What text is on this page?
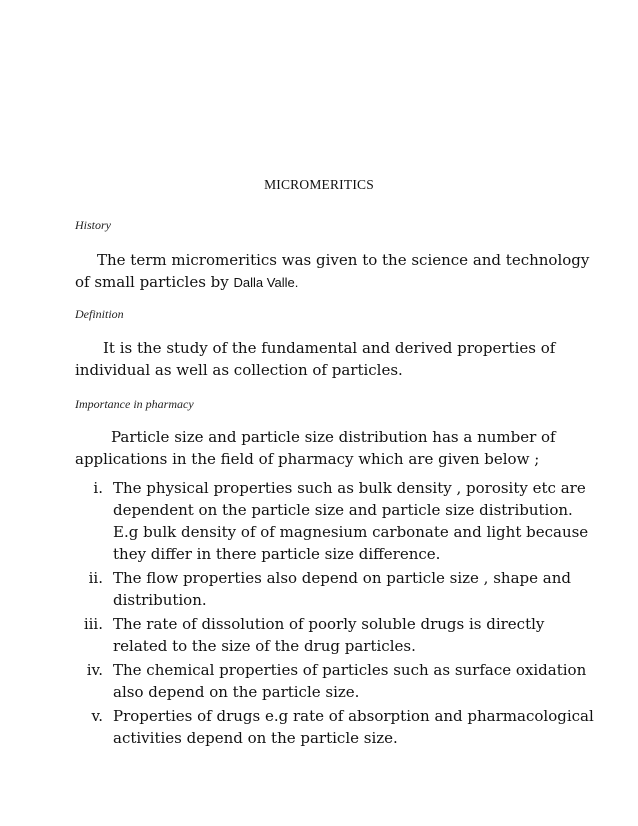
MICROMERITICS
History

The term micromeritics was given to the science and technology
of small particles by Dalla Valle.

Definition

It is the study of the fundamental and derived properties of
individual as well as collection of particles.

Importance in pharmacy

Particle size and particle size distribution has a number of
applications in the field of pharmacy which are given below ;

i. The physical properties such as bulk density , porosity etc are
dependent on the particle size and particle size distribution.
E.g bulk density of of magnesium carbonate and light because
they differ in there particle size difference.
ii. The flow properties also depend on particle size , shape and
distribution.
iii. The rate of dissolution of poorly soluble drugs is directly
related to the size of the drug particles.
iv. The chemical properties of particles such as surface oxidation
also depend on the particle size.
v. Properties of drugs e.g rate of absorption and pharmacological
activities depend on the particle size.
